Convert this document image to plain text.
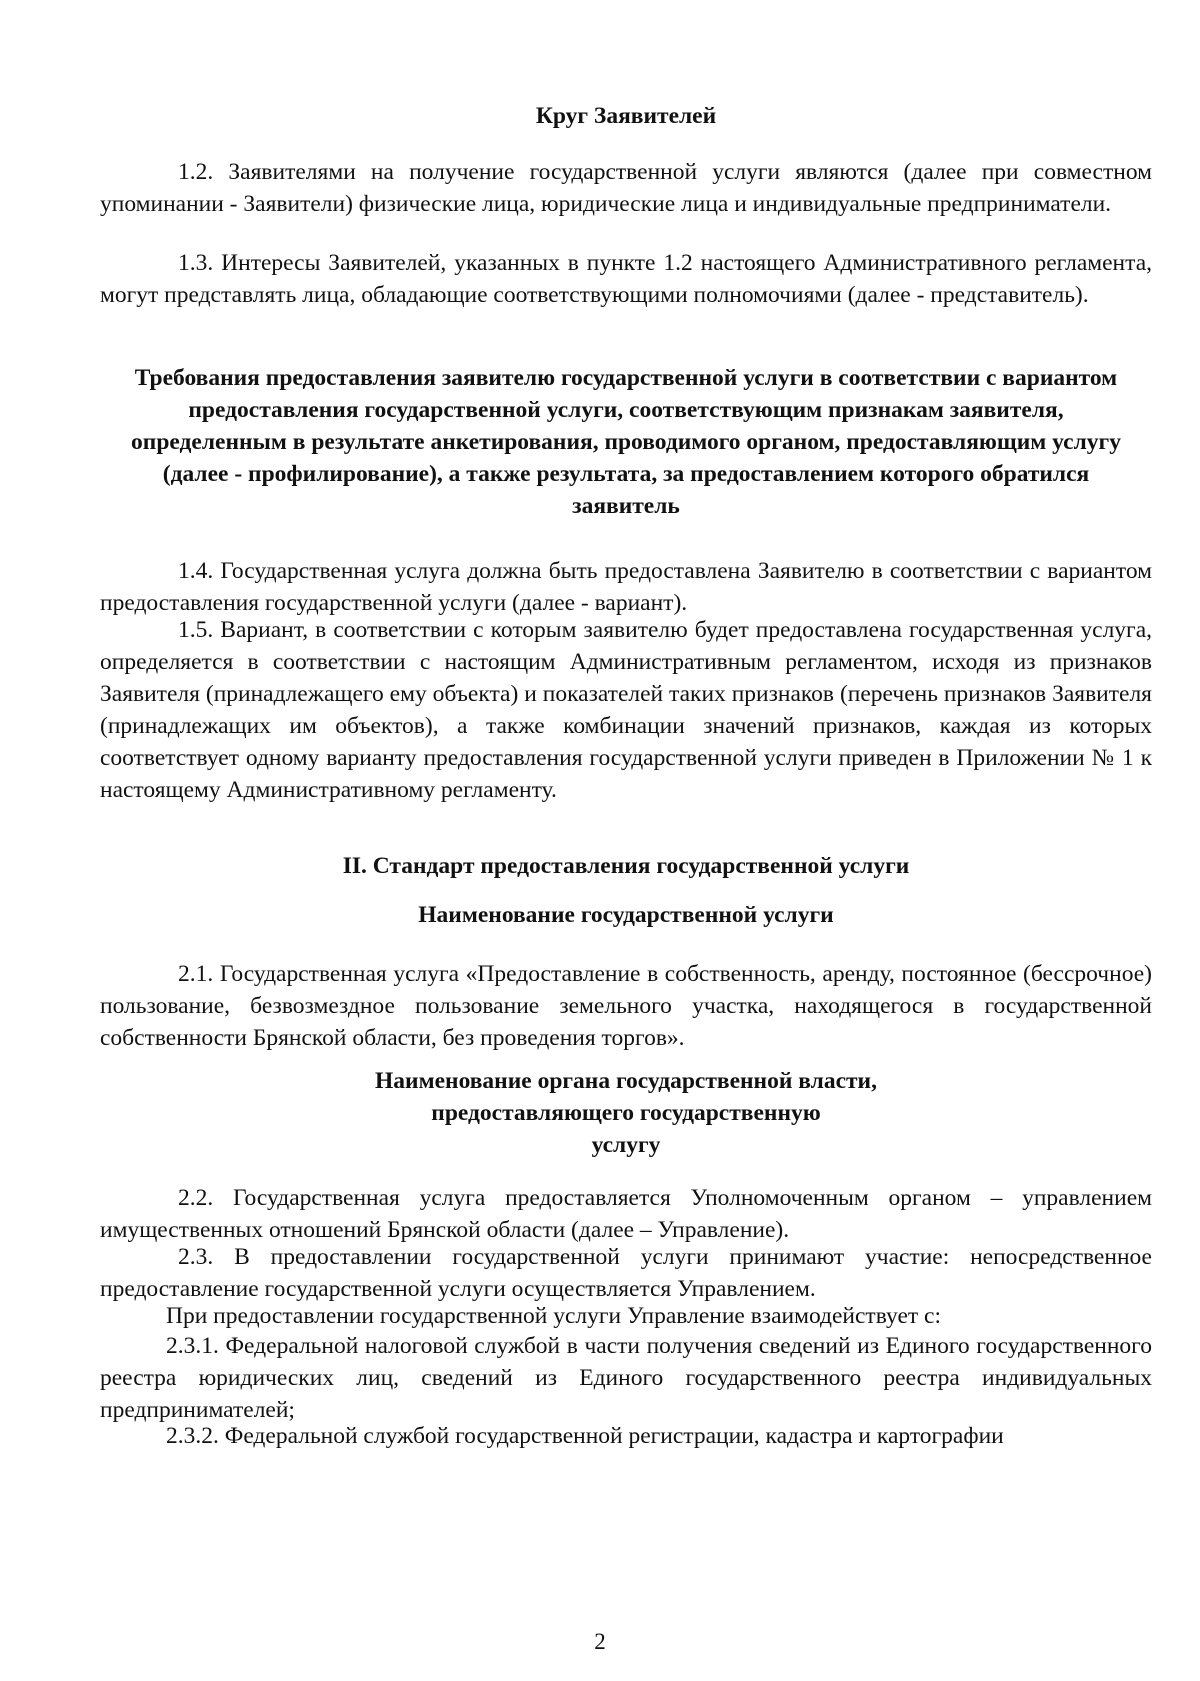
Круг Заявителей

1.2. Заявителями на получение государственной услуги являются (далее при совместном упоминании - Заявители) физические лица, юридические лица и индивидуальные предприниматели.

1.3. Интересы Заявителей, указанных в пункте 1.2 настоящего Административного регламента, могут представлять лица, обладающие соответствующими полномочиями (далее - представитель).

Требования предоставления заявителю государственной услуги в соответствии с вариантом предоставления государственной услуги, соответствующим признакам заявителя, определенным в результате анкетирования, проводимого органом, предоставляющим услугу (далее - профилирование), а также результата, за предоставлением которого обратился заявитель

1.4. Государственная услуга должна быть предоставлена Заявителю в соответствии с вариантом предоставления государственной услуги (далее - вариант).

1.5. Вариант, в соответствии с которым заявителю будет предоставлена государственная услуга, определяется в соответствии с настоящим Административным регламентом, исходя из признаков Заявителя (принадлежащего ему объекта) и показателей таких признаков (перечень признаков Заявителя (принадлежащих им объектов), а также комбинации значений признаков, каждая из которых соответствует одному варианту предоставления государственной услуги приведен в Приложении № 1 к настоящему Административному регламенту.

II. Стандарт предоставления государственной услуги

Наименование государственной услуги

2.1. Государственная услуга «Предоставление в собственность, аренду, постоянное (бессрочное) пользование, безвозмездное пользование земельного участка, находящегося в государственной собственности Брянской области, без проведения торгов».

Наименование органа государственной власти,
предоставляющего государственную
услугу

2.2. Государственная услуга предоставляется Уполномоченным органом – управлением имущественных отношений Брянской области (далее – Управление).

2.3. В предоставлении государственной услуги принимают участие: непосредственное предоставление государственной услуги осуществляется Управлением.

При предоставлении государственной услуги Управление взаимодействует с:

2.3.1. Федеральной налоговой службой в части получения сведений из Единого государственного реестра юридических лиц, сведений из Единого государственного реестра индивидуальных предпринимателей;

2.3.2. Федеральной службой государственной регистрации, кадастра и картографии

2
